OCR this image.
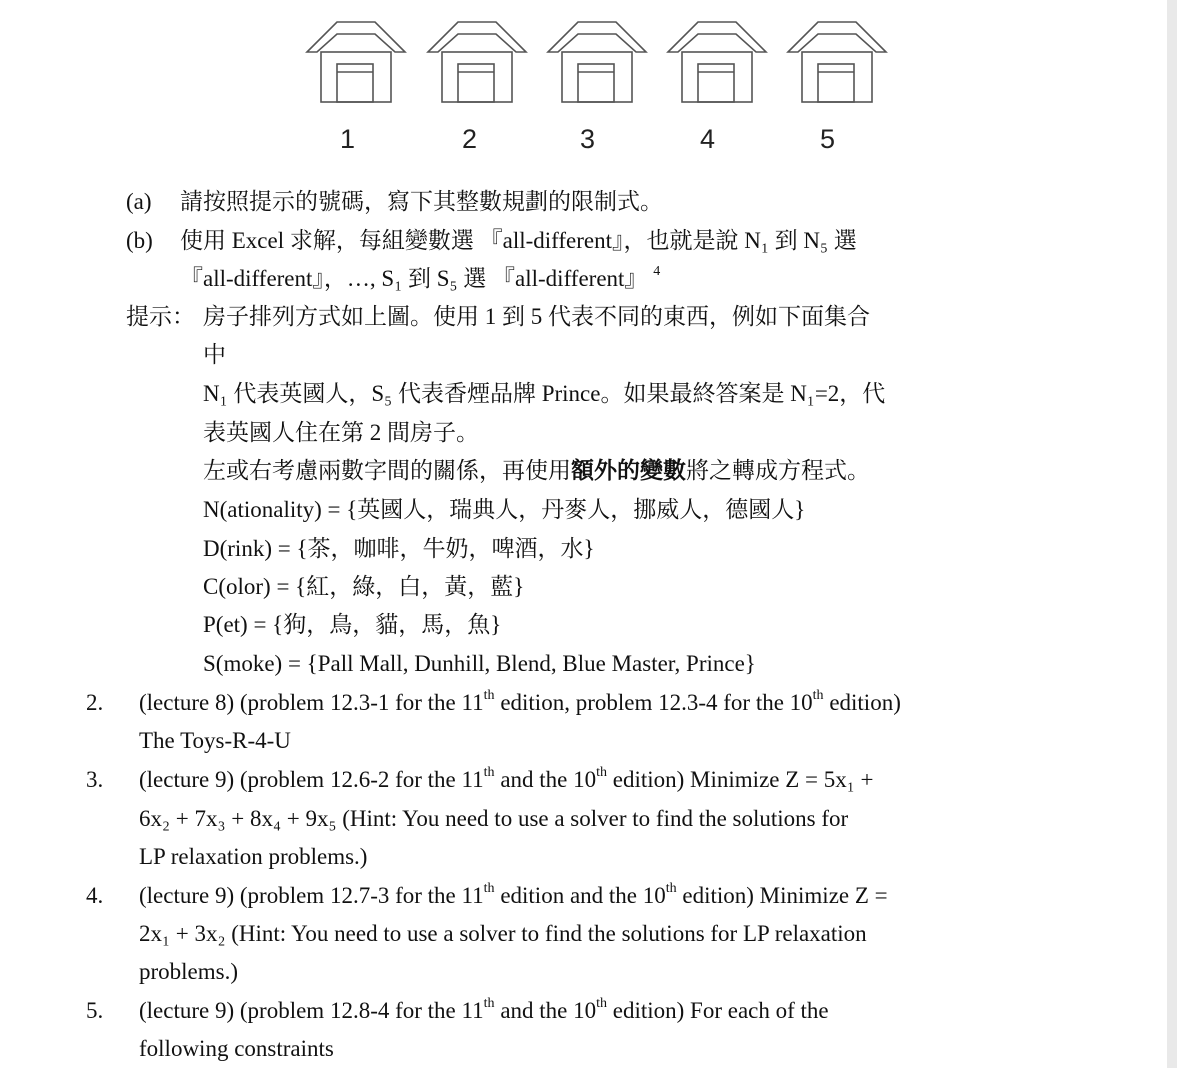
1	2	3	4	5
(a) 請按照提示的號碼，寫下其整數規劃的限制式。
(b) 使用 Excel 求解，每組變數選 『all-different』，也就是說 N₁ 到 N₅ 選
『all-different』，…, S₁ 到 S₅ 選 『all-different』 $^4$
提示： 房子排列方式如上圖。使用 1 到 5 代表不同的東西，例如下面集合
中
N₁ 代表英國人，S₅ 代表香煙品牌 Prince。如果最終答案是 N₁=2，代
表英國人住在第 2 間房子。
左或右考慮兩數字間的關係，再使用額外的變數將之轉成方程式。
N(ationality) = {英國人，瑞典人，丹麥人，挪威人，德國人}
D(rink) = {茶，咖啡，牛奶，啤酒，水}
C(olor) = {紅，綠，白，黃，藍}
P(et) = {狗，鳥，貓，馬，魚}
S(moke) = {Pall Mall, Dunhill, Blend, Blue Master, Prince}
2. (lecture 8) (problem 12.3-1 for the 11th edition, problem 12.3-4 for the 10th edition)
The Toys-R-4-U
3. (lecture 9) (problem 12.6-2 for the 11th and the 10th edition) Minimize Z = 5x₁ +
6x₂ + 7x₃ + 8x₄ + 9x₅ (Hint: You need to use a solver to find the solutions for
LP relaxation problems.)
4. (lecture 9) (problem 12.7-3 for the 11th edition and the 10th edition) Minimize Z =
2x₁ + 3x₂ (Hint: You need to use a solver to find the solutions for LP relaxation
problems.)
5. (lecture 9) (problem 12.8-4 for the 11th and the 10th edition) For each of the
following constraints
